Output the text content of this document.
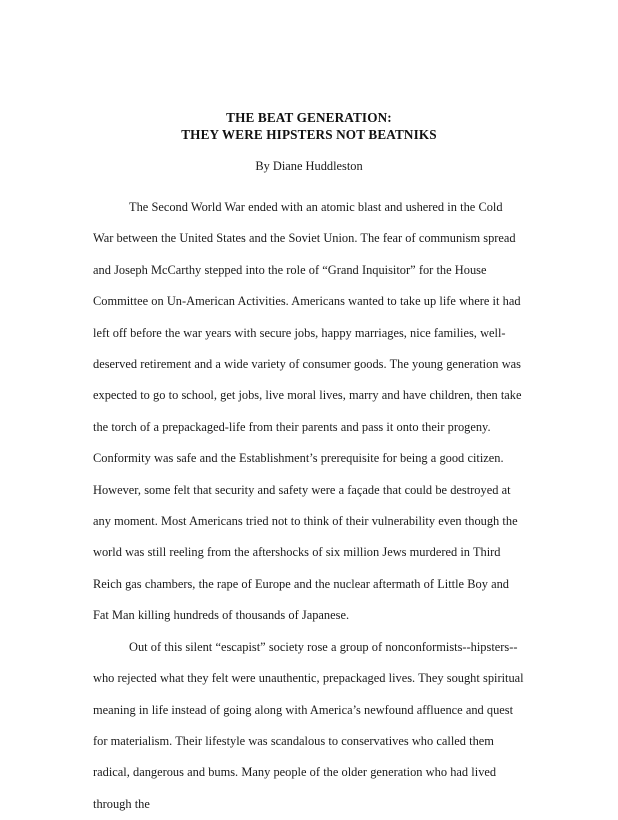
THE BEAT GENERATION:
THEY WERE HIPSTERS NOT BEATNIKS
By Diane Huddleston

The Second World War ended with an atomic blast and ushered in the Cold War between the United States and the Soviet Union. The fear of communism spread and Joseph McCarthy stepped into the role of “Grand Inquisitor” for the House Committee on Un-American Activities. Americans wanted to take up life where it had left off before the war years with secure jobs, happy marriages, nice families, well-deserved retirement and a wide variety of consumer goods. The young generation was expected to go to school, get jobs, live moral lives, marry and have children, then take the torch of a prepackaged-life from their parents and pass it onto their progeny. Conformity was safe and the Establishment’s prerequisite for being a good citizen. However, some felt that security and safety were a façade that could be destroyed at any moment. Most Americans tried not to think of their vulnerability even though the world was still reeling from the aftershocks of six million Jews murdered in Third Reich gas chambers, the rape of Europe and the nuclear aftermath of Little Boy and Fat Man killing hundreds of thousands of Japanese.

Out of this silent “escapist” society rose a group of nonconformists--hipsters--who rejected what they felt were unauthentic, prepackaged lives. They sought spiritual meaning in life instead of going along with America’s newfound affluence and quest for materialism. Their lifestyle was scandalous to conservatives who called them radical, dangerous and bums. Many people of the older generation who had lived through the
